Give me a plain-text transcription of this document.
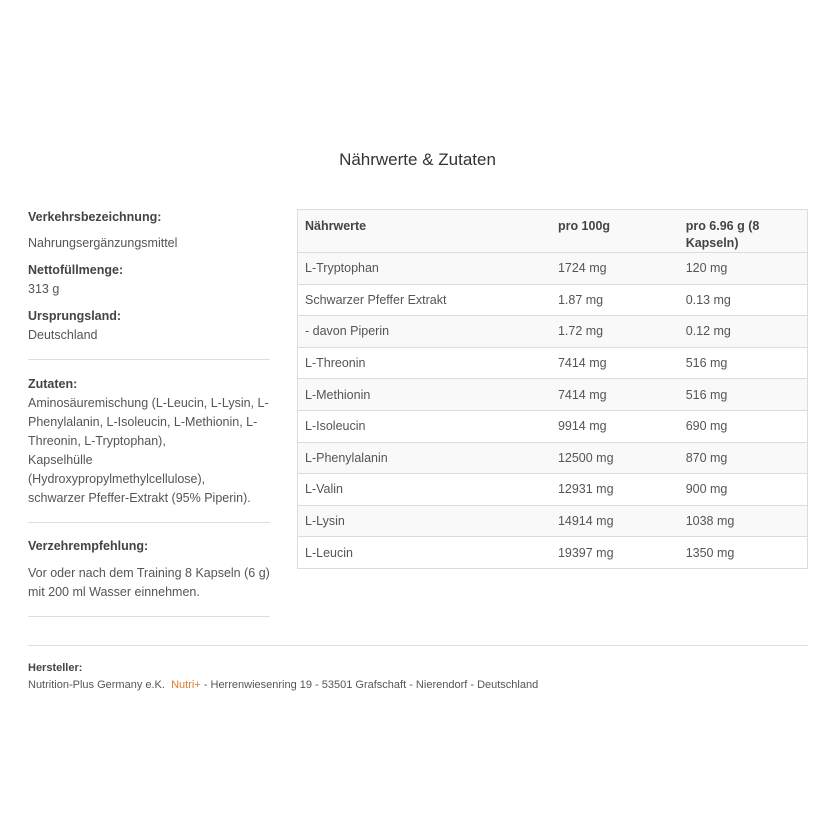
Nährwerte & Zutaten
Verkehrsbezeichnung:
Nahrungsergänzungsmittel
Nettofüllmenge:
313 g
Ursprungsland:
Deutschland
Zutaten:
Aminosäuremischung (L-Leucin, L-Lysin, L-
Phenylalanin, L-Isoleucin, L-Methionin, L-
Threonin, L-Tryptophan),
Kapselhülle
(Hydroxypropylmethylcellulose),
schwarzer Pfeffer-Extrakt (95% Piperin).
Verzehrempfehlung:
Vor oder nach dem Training 8 Kapseln (6 g)
mit 200 ml Wasser einnehmen.
Nährwerte	pro 100g	pro 6.96 g (8 Kapseln)
L-Tryptophan	1724 mg	120 mg
Schwarzer Pfeffer Extrakt	1.87 mg	0.13 mg
- davon Piperin	1.72 mg	0.12 mg
L-Threonin	7414 mg	516 mg
L-Methionin	7414 mg	516 mg
L-Isoleucin	9914 mg	690 mg
L-Phenylalanin	12500 mg	870 mg
L-Valin	12931 mg	900 mg
L-Lysin	14914 mg	1038 mg
L-Leucin	19397 mg	1350 mg
Hersteller:
Nutrition-Plus Germany e.K. Nutri+ - Herrenwiesenring 19 - 53501 Grafschaft - Nierendorf - Deutschland
